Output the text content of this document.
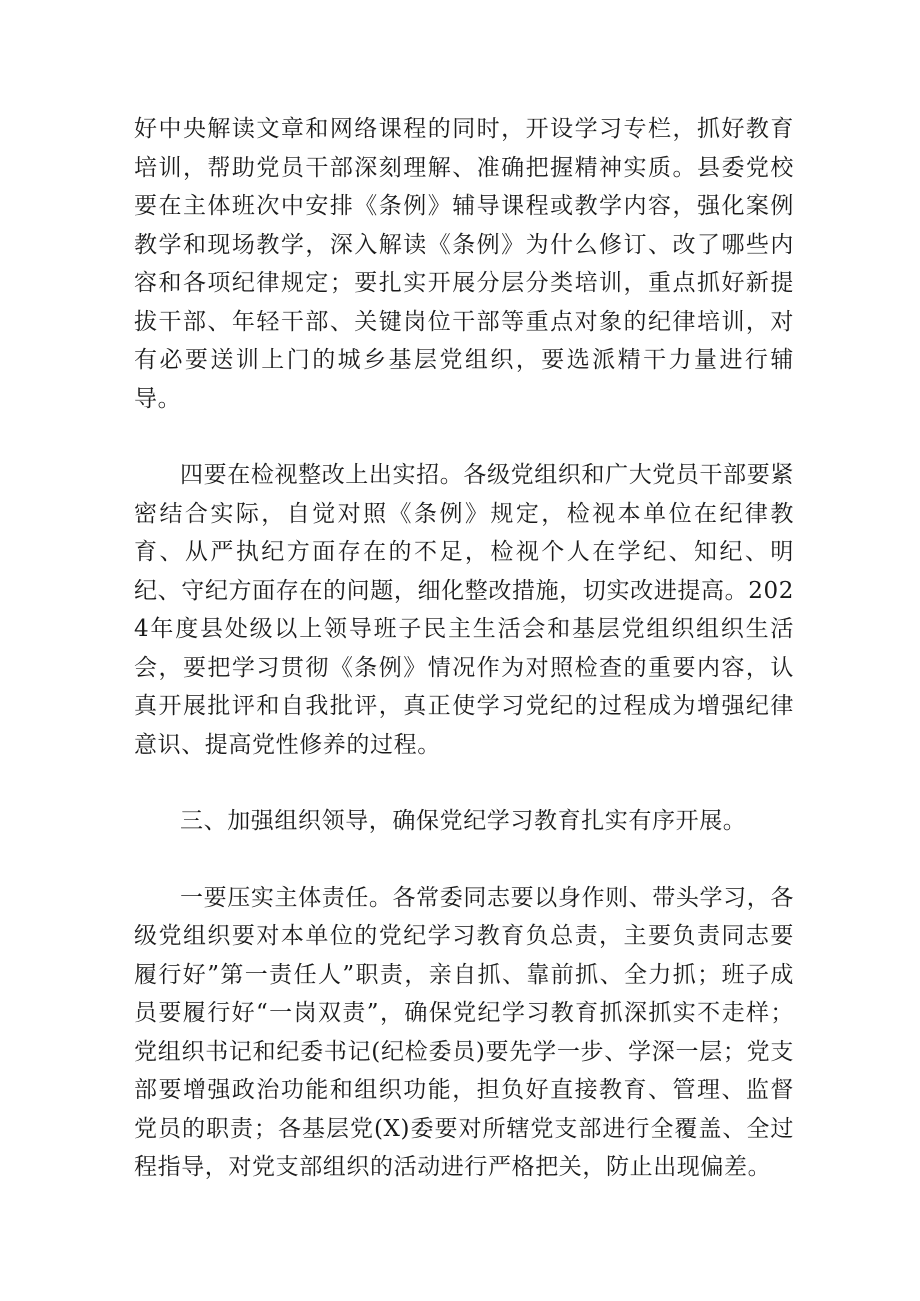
好中央解读文章和网络课程的同时，开设学习专栏，抓好教育培训，帮助党员干部深刻理解、准确把握精神实质。县委党校要在主体班次中安排《条例》辅导课程或教学内容，强化案例教学和现场教学，深入解读《条例》为什么修订、改了哪些内容和各项纪律规定；要扎实开展分层分类培训，重点抓好新提拔干部、年轻干部、关键岗位干部等重点对象的纪律培训，对有必要送训上门的城乡基层党组织，要选派精干力量进行辅导。

四要在检视整改上出实招。各级党组织和广大党员干部要紧密结合实际，自觉对照《条例》规定，检视本单位在纪律教育、从严执纪方面存在的不足，检视个人在学纪、知纪、明纪、守纪方面存在的问题，细化整改措施，切实改进提高。2024年度县处级以上领导班子民主生活会和基层党组织组织生活会，要把学习贯彻《条例》情况作为对照检查的重要内容，认真开展批评和自我批评，真正使学习党纪的过程成为增强纪律意识、提高党性修养的过程。

三、加强组织领导，确保党纪学习教育扎实有序开展。

一要压实主体责任。各常委同志要以身作则、带头学习，各级党组织要对本单位的党纪学习教育负总责，主要负责同志要履行好”第一责任人”职责，亲自抓、靠前抓、全力抓；班子成员要履行好“一岗双责”，确保党纪学习教育抓深抓实不走样；党组织书记和纪委书记(纪检委员)要先学一步、学深一层；党支部要增强政治功能和组织功能，担负好直接教育、管理、监督党员的职责；各基层党(X)委要对所辖党支部进行全覆盖、全过程指导，对党支部组织的活动进行严格把关，防止出现偏差。
